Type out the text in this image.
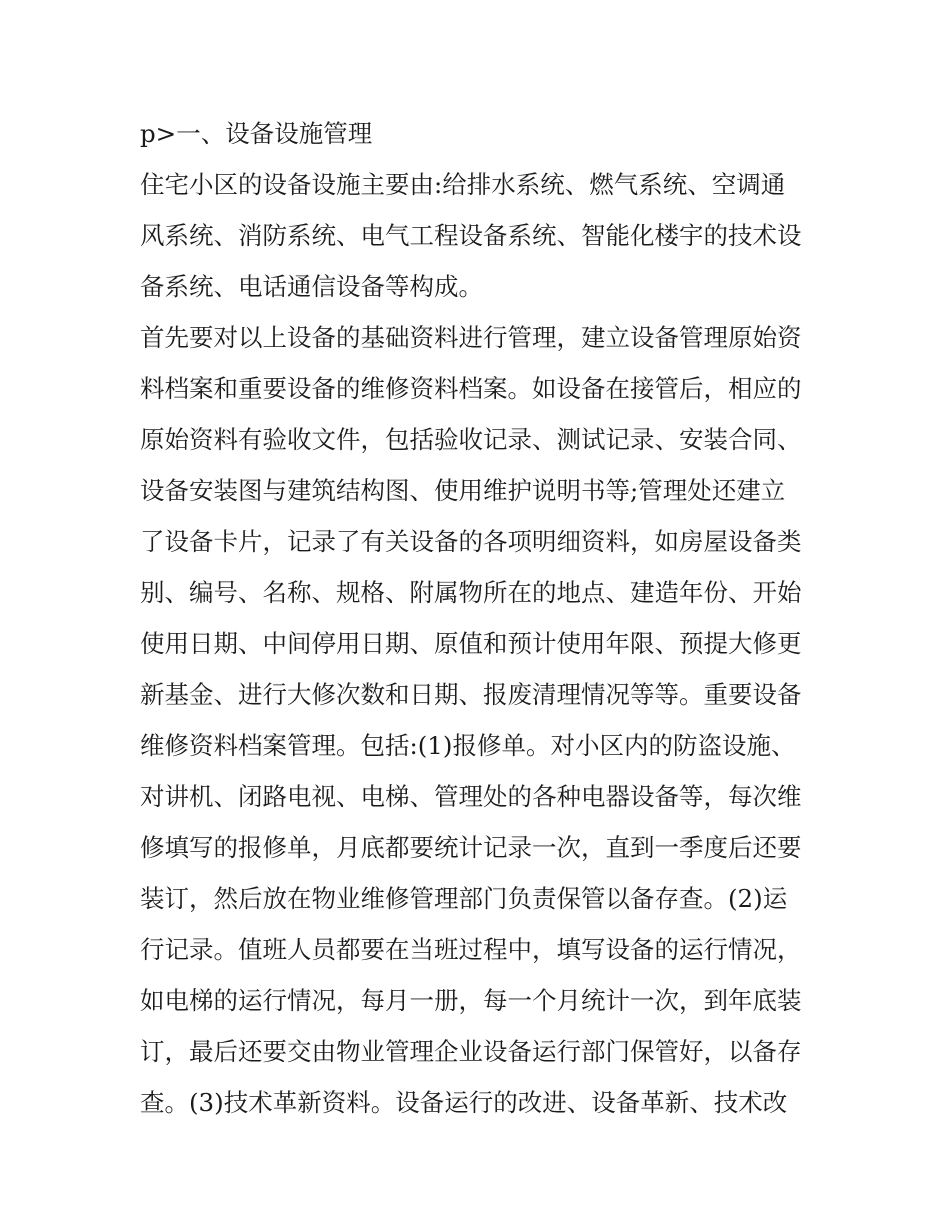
p>一、设备设施管理
住宅小区的设备设施主要由:给排水系统、燃气系统、空调通
风系统、消防系统、电气工程设备系统、智能化楼宇的技术设
备系统、电话通信设备等构成。
首先要对以上设备的基础资料进行管理，建立设备管理原始资
料档案和重要设备的维修资料档案。如设备在接管后，相应的
原始资料有验收文件，包括验收记录、测试记录、安装合同、
设备安装图与建筑结构图、使用维护说明书等;管理处还建立
了设备卡片，记录了有关设备的各项明细资料，如房屋设备类
别、编号、名称、规格、附属物所在的地点、建造年份、开始
使用日期、中间停用日期、原值和预计使用年限、预提大修更
新基金、进行大修次数和日期、报废清理情况等等。重要设备
维修资料档案管理。包括:(1)报修单。对小区内的防盗设施、
对讲机、闭路电视、电梯、管理处的各种电器设备等，每次维
修填写的报修单，月底都要统计记录一次，直到一季度后还要
装订，然后放在物业维修管理部门负责保管以备存查。(2)运
行记录。值班人员都要在当班过程中，填写设备的运行情况，
如电梯的运行情况，每月一册，每一个月统计一次，到年底装
订，最后还要交由物业管理企业设备运行部门保管好，以备存
查。(3)技术革新资料。设备运行的改进、设备革新、技术改
